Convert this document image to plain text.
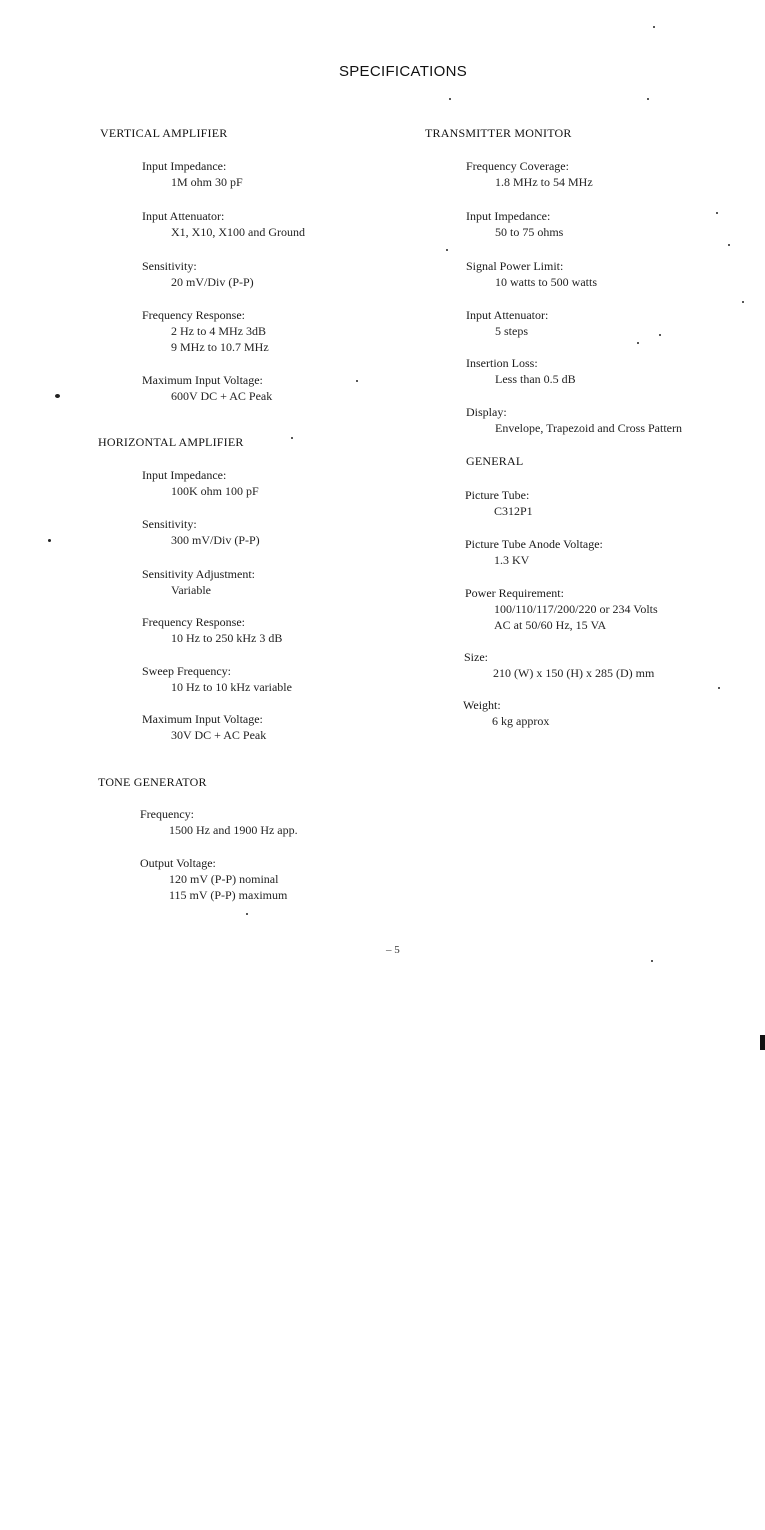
SPECIFICATIONS
VERTICAL AMPLIFIER
Input Impedance:
1M ohm 30 pF
Input Attenuator:
X1, X10, X100 and Ground
Sensitivity:
20 mV/Div (P-P)
Frequency Response:
2 Hz to 4 MHz 3dB
9 MHz to 10.7 MHz
Maximum Input Voltage:
600V DC + AC Peak
HORIZONTAL AMPLIFIER
Input Impedance:
100K ohm 100 pF
Sensitivity:
300 mV/Div (P-P)
Sensitivity Adjustment:
Variable
Frequency Response:
10 Hz to 250 kHz 3 dB
Sweep Frequency:
10 Hz to 10 kHz variable
Maximum Input Voltage:
30V DC + AC Peak
TONE GENERATOR
Frequency:
1500 Hz and 1900 Hz app.
Output Voltage:
120 mV (P-P) nominal
115 mV (P-P) maximum
TRANSMITTER MONITOR
Frequency Coverage:
1.8 MHz to 54 MHz
Input Impedance:
50 to 75 ohms
Signal Power Limit:
10 watts to 500 watts
Input Attenuator:
5 steps
Insertion Loss:
Less than 0.5 dB
Display:
Envelope, Trapezoid and Cross Pattern
GENERAL
Picture Tube:
C312P1
Picture Tube Anode Voltage:
1.3 KV
Power Requirement:
100/110/117/200/220 or 234 Volts
AC at 50/60 Hz, 15 VA
Size:
210 (W) x 150 (H) x 285 (D) mm
Weight:
6 kg approx
– 5
